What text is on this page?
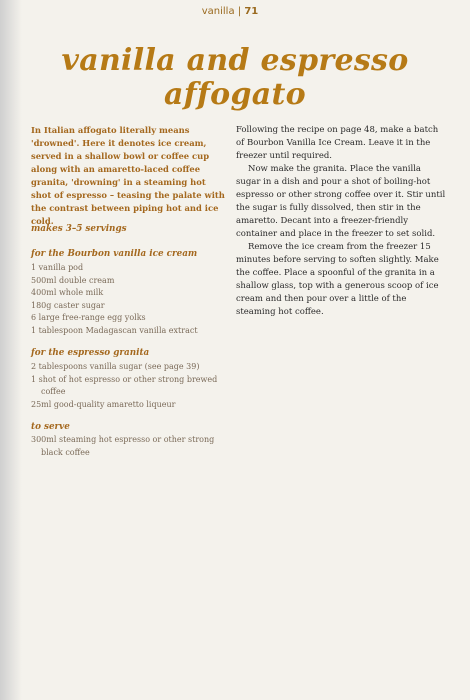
vanilla | 71
vanilla and espresso
affogato

In Italian affogato literally means 'drowned'. Here it denotes ice cream, served in a shallow bowl or coffee cup along with an amaretto-laced coffee granita, 'drowning' in a steaming hot shot of espresso – teasing the palate with the contrast between piping hot and ice cold.

makes 3–5 servings

for the Bourbon vanilla ice cream

1 vanilla pod
500ml double cream
400ml whole milk
180g caster sugar
6 large free-range egg yolks
1 tablespoon Madagascan vanilla extract

for the espresso granita

2 tablespoons vanilla sugar (see page 39)
1 shot of hot espresso or other strong brewed coffee
25ml good-quality amaretto liqueur

to serve

300ml steaming hot espresso or other strong black coffee

Following the recipe on page 48, make a batch of Bourbon Vanilla Ice Cream. Leave it in the freezer until required.

Now make the granita. Place the vanilla sugar in a dish and pour a shot of boiling-hot espresso or other strong coffee over it. Stir until the sugar is fully dissolved, then stir in the amaretto. Decant into a freezer-friendly container and place in the freezer to set solid.

Remove the ice cream from the freezer 15 minutes before serving to soften slightly. Make the coffee. Place a spoonful of the granita in a shallow glass, top with a generous scoop of ice cream and then pour over a little of the steaming hot coffee.
